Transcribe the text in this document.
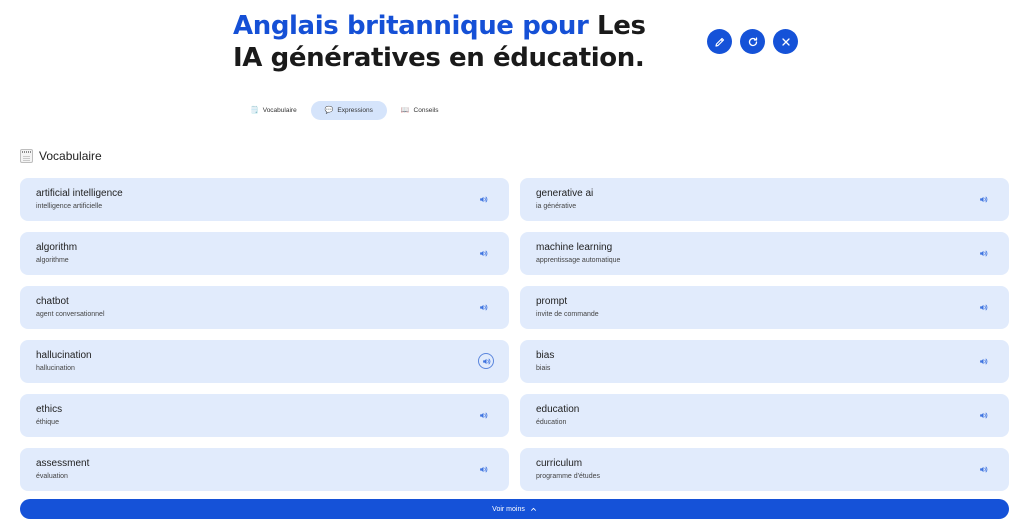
Anglais britannique pour Les IA génératives en éducation.
🗒️ Vocabulaire	💬 Expressions	📖 Conseils
Vocabulaire
artificial intelligence
intelligence artificielle
generative ai
ia générative
algorithm
algorithme
machine learning
apprentissage automatique
chatbot
agent conversationnel
prompt
invite de commande
hallucination
hallucination
bias
biais
ethics
éthique
education
éducation
assessment
évaluation
curriculum
programme d'études
Voir moins
